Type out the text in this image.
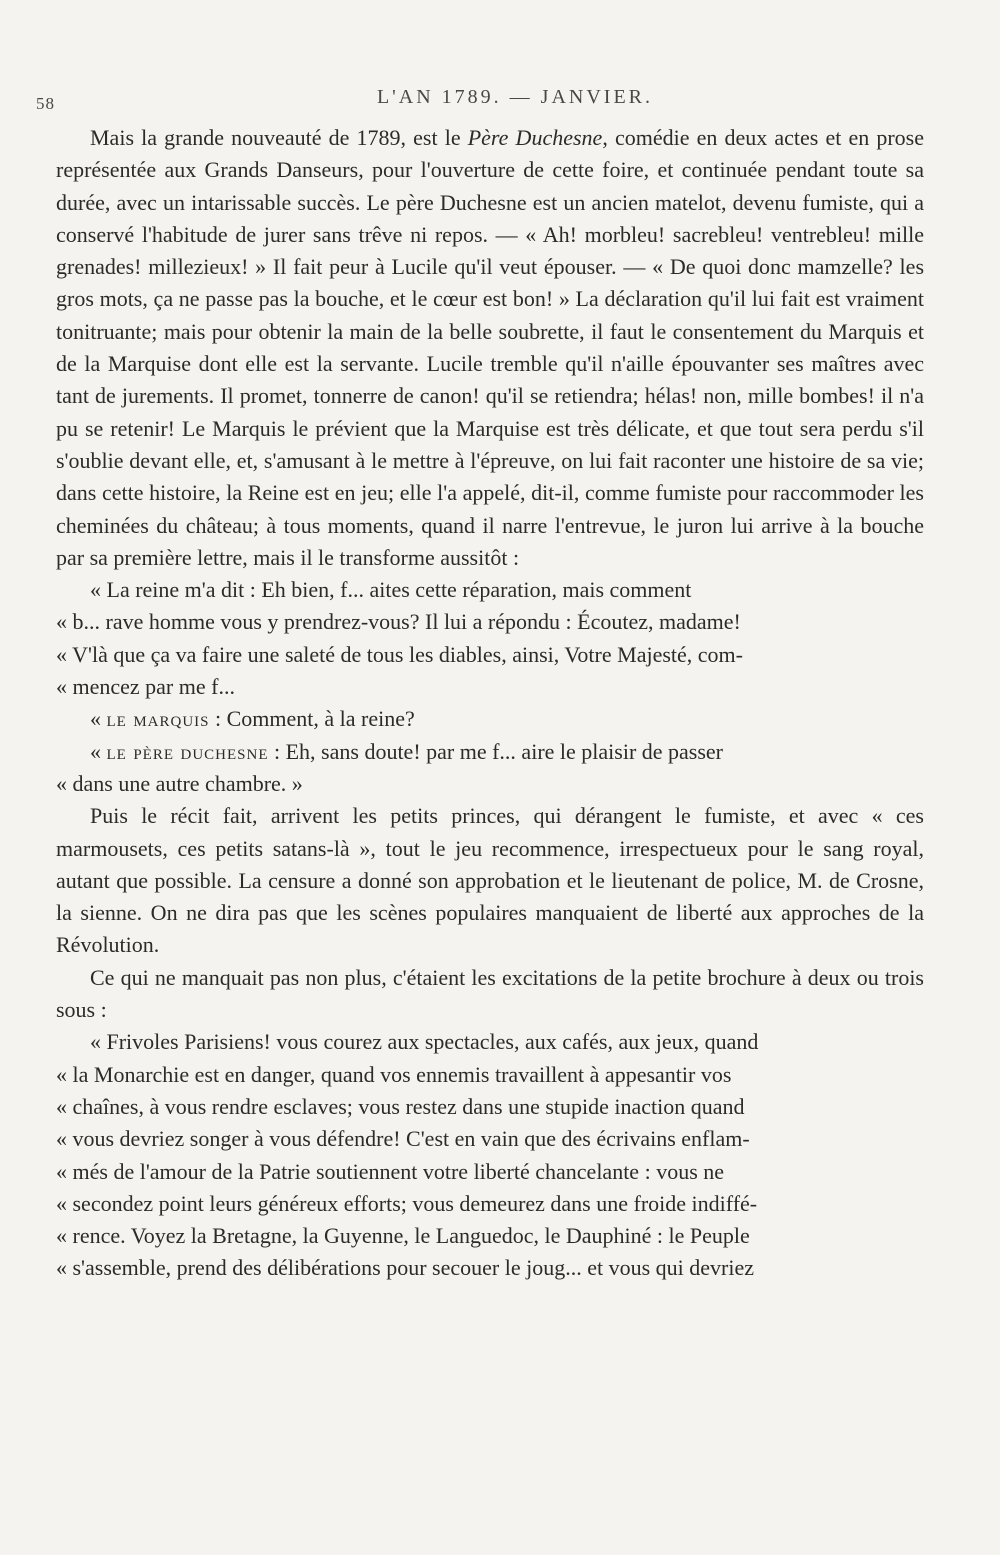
58	L'AN 1789. — JANVIER.

Mais la grande nouveauté de 1789, est le Père Duchesne, comédie en deux actes et en prose représentée aux Grands Danseurs, pour l'ouverture de cette foire, et continuée pendant toute sa durée, avec un intarissable succès. Le père Duchesne est un ancien matelot, devenu fumiste, qui a conservé l'habitude de jurer sans trêve ni repos. — « Ah! morbleu! sacrebleu! ventrebleu! mille grenades! millezieux! » Il fait peur à Lucile qu'il veut épouser. — « De quoi donc mamzelle? les gros mots, ça ne passe pas la bouche, et le cœur est bon! » La déclaration qu'il lui fait est vraiment tonitruante; mais pour obtenir la main de la belle soubrette, il faut le consentement du Marquis et de la Marquise dont elle est la servante. Lucile tremble qu'il n'aille épouvanter ses maîtres avec tant de jurements. Il promet, tonnerre de canon! qu'il se retiendra; hélas! non, mille bombes! il n'a pu se retenir! Le Marquis le prévient que la Marquise est très délicate, et que tout sera perdu s'il s'oublie devant elle, et, s'amusant à le mettre à l'épreuve, on lui fait raconter une histoire de sa vie; dans cette histoire, la Reine est en jeu; elle l'a appelé, dit-il, comme fumiste pour raccommoder les cheminées du château; à tous moments, quand il narre l'entrevue, le juron lui arrive à la bouche par sa première lettre, mais il le transforme aussitôt :

« La reine m'a dit : Eh bien, f... aites cette réparation, mais comment

« b... rave homme vous y prendrez-vous? Il lui a répondu : Écoutez, madame!

« V'là que ça va faire une saleté de tous les diables, ainsi, Votre Majesté, com-

« mencez par me f...

« le marquis : Comment, à la reine?

« le père duchesne : Eh, sans doute! par me f... aire le plaisir de passer

« dans une autre chambre. »

Puis le récit fait, arrivent les petits princes, qui dérangent le fumiste, et avec « ces marmousets, ces petits satans-là », tout le jeu recommence, irrespectueux pour le sang royal, autant que possible. La censure a donné son approbation et le lieutenant de police, M. de Crosne, la sienne. On ne dira pas que les scènes populaires manquaient de liberté aux approches de la Révolution.

Ce qui ne manquait pas non plus, c'étaient les excitations de la petite brochure à deux ou trois sous :

« Frivoles Parisiens! vous courez aux spectacles, aux cafés, aux jeux, quand

« la Monarchie est en danger, quand vos ennemis travaillent à appesantir vos

« chaînes, à vous rendre esclaves; vous restez dans une stupide inaction quand

« vous devriez songer à vous défendre! C'est en vain que des écrivains enflam-

« més de l'amour de la Patrie soutiennent votre liberté chancelante : vous ne

« secondez point leurs généreux efforts; vous demeurez dans une froide indiffé-

« rence. Voyez la Bretagne, la Guyenne, le Languedoc, le Dauphiné : le Peuple

« s'assemble, prend des délibérations pour secouer le joug... et vous qui devriez
